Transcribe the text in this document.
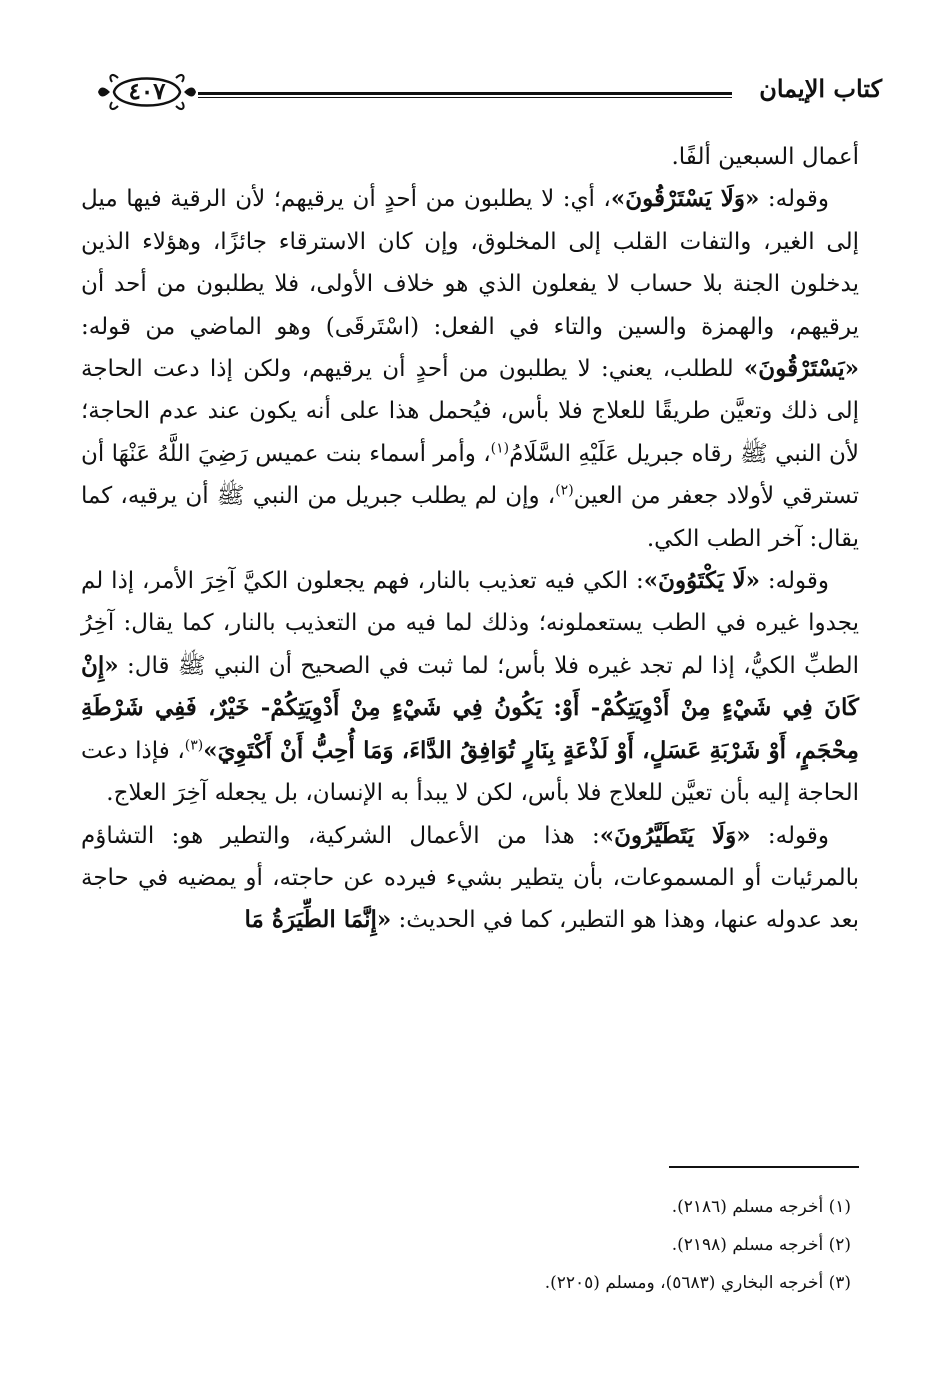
كتاب الإيمان
٤٠٧

أعمال السبعين ألفًا.

وقوله: «وَلَا يَسْتَرْقُونَ»، أي: لا يطلبون من أحدٍ أن يرقيهم؛ لأن الرقية فيها ميل إلى الغير، والتفات القلب إلى المخلوق، وإن كان الاسترقاء جائزًا، وهؤلاء الذين يدخلون الجنة بلا حساب لا يفعلون الذي هو خلاف الأولى، فلا يطلبون من أحد أن يرقيهم، والهمزة والسين والتاء في الفعل: (اسْتَرقَى) وهو الماضي من قوله: «يَسْتَرْقُونَ» للطلب، يعني: لا يطلبون من أحدٍ أن يرقيهم، ولكن إذا دعت الحاجة إلى ذلك وتعيَّن طريقًا للعلاج فلا بأس، فيُحمل هذا على أنه يكون عند عدم الحاجة؛ لأن النبي ﷺ رقاه جبريل عَلَيْهِ السَّلَامُ$^{(١)}$، وأمر أسماء بنت عميس رَضِيَ اللَّهُ عَنْهَا أن تسترقي لأولاد جعفر من العين$^{(٢)}$، وإن لم يطلب جبريل من النبي ﷺ أن يرقيه، كما يقال: آخر الطب الكي.

وقوله: «لَا يَكْتَوُونَ»: الكي فيه تعذيب بالنار، فهم يجعلون الكيَّ آخِرَ الأمر، إذا لم يجدوا غيره في الطب يستعملونه؛ وذلك لما فيه من التعذيب بالنار، كما يقال: آخِرُ الطبِّ الكيُّ، إذا لم تجد غيره فلا بأس؛ لما ثبت في الصحيح أن النبي ﷺ قال: «إِنْ كَانَ فِي شَيْءٍ مِنْ أَدْوِيَتِكُمْ- أَوْ: يَكُونُ فِي شَيْءٍ مِنْ أَدْوِيَتِكُمْ- خَيْرٌ، فَفِي شَرْطَةِ مِحْجَمٍ، أَوْ شَرْبَةِ عَسَلٍ، أَوْ لَذْعَةٍ بِنَارٍ تُوَافِقُ الدَّاءَ، وَمَا أُحِبُّ أَنْ أَكْتَوِيَ»$^{(٣)}$، فإذا دعت الحاجة إليه بأن تعيَّن للعلاج فلا بأس، لكن لا يبدأ به الإنسان، بل يجعله آخِرَ العلاج.

وقوله: «وَلَا يَتَطَيَّرُونَ»: هذا من الأعمال الشركية، والتطير هو: التشاؤم بالمرئيات أو المسموعات، بأن يتطير بشيء فيرده عن حاجته، أو يمضيه في حاجة بعد عدوله عنها، وهذا هو التطير، كما في الحديث: «إِنَّمَا الطِّيَرَةُ مَا

(١) أخرجه مسلم (٢١٨٦).
(٢) أخرجه مسلم (٢١٩٨).
(٣) أخرجه البخاري (٥٦٨٣)، ومسلم (٢٢٠٥).
